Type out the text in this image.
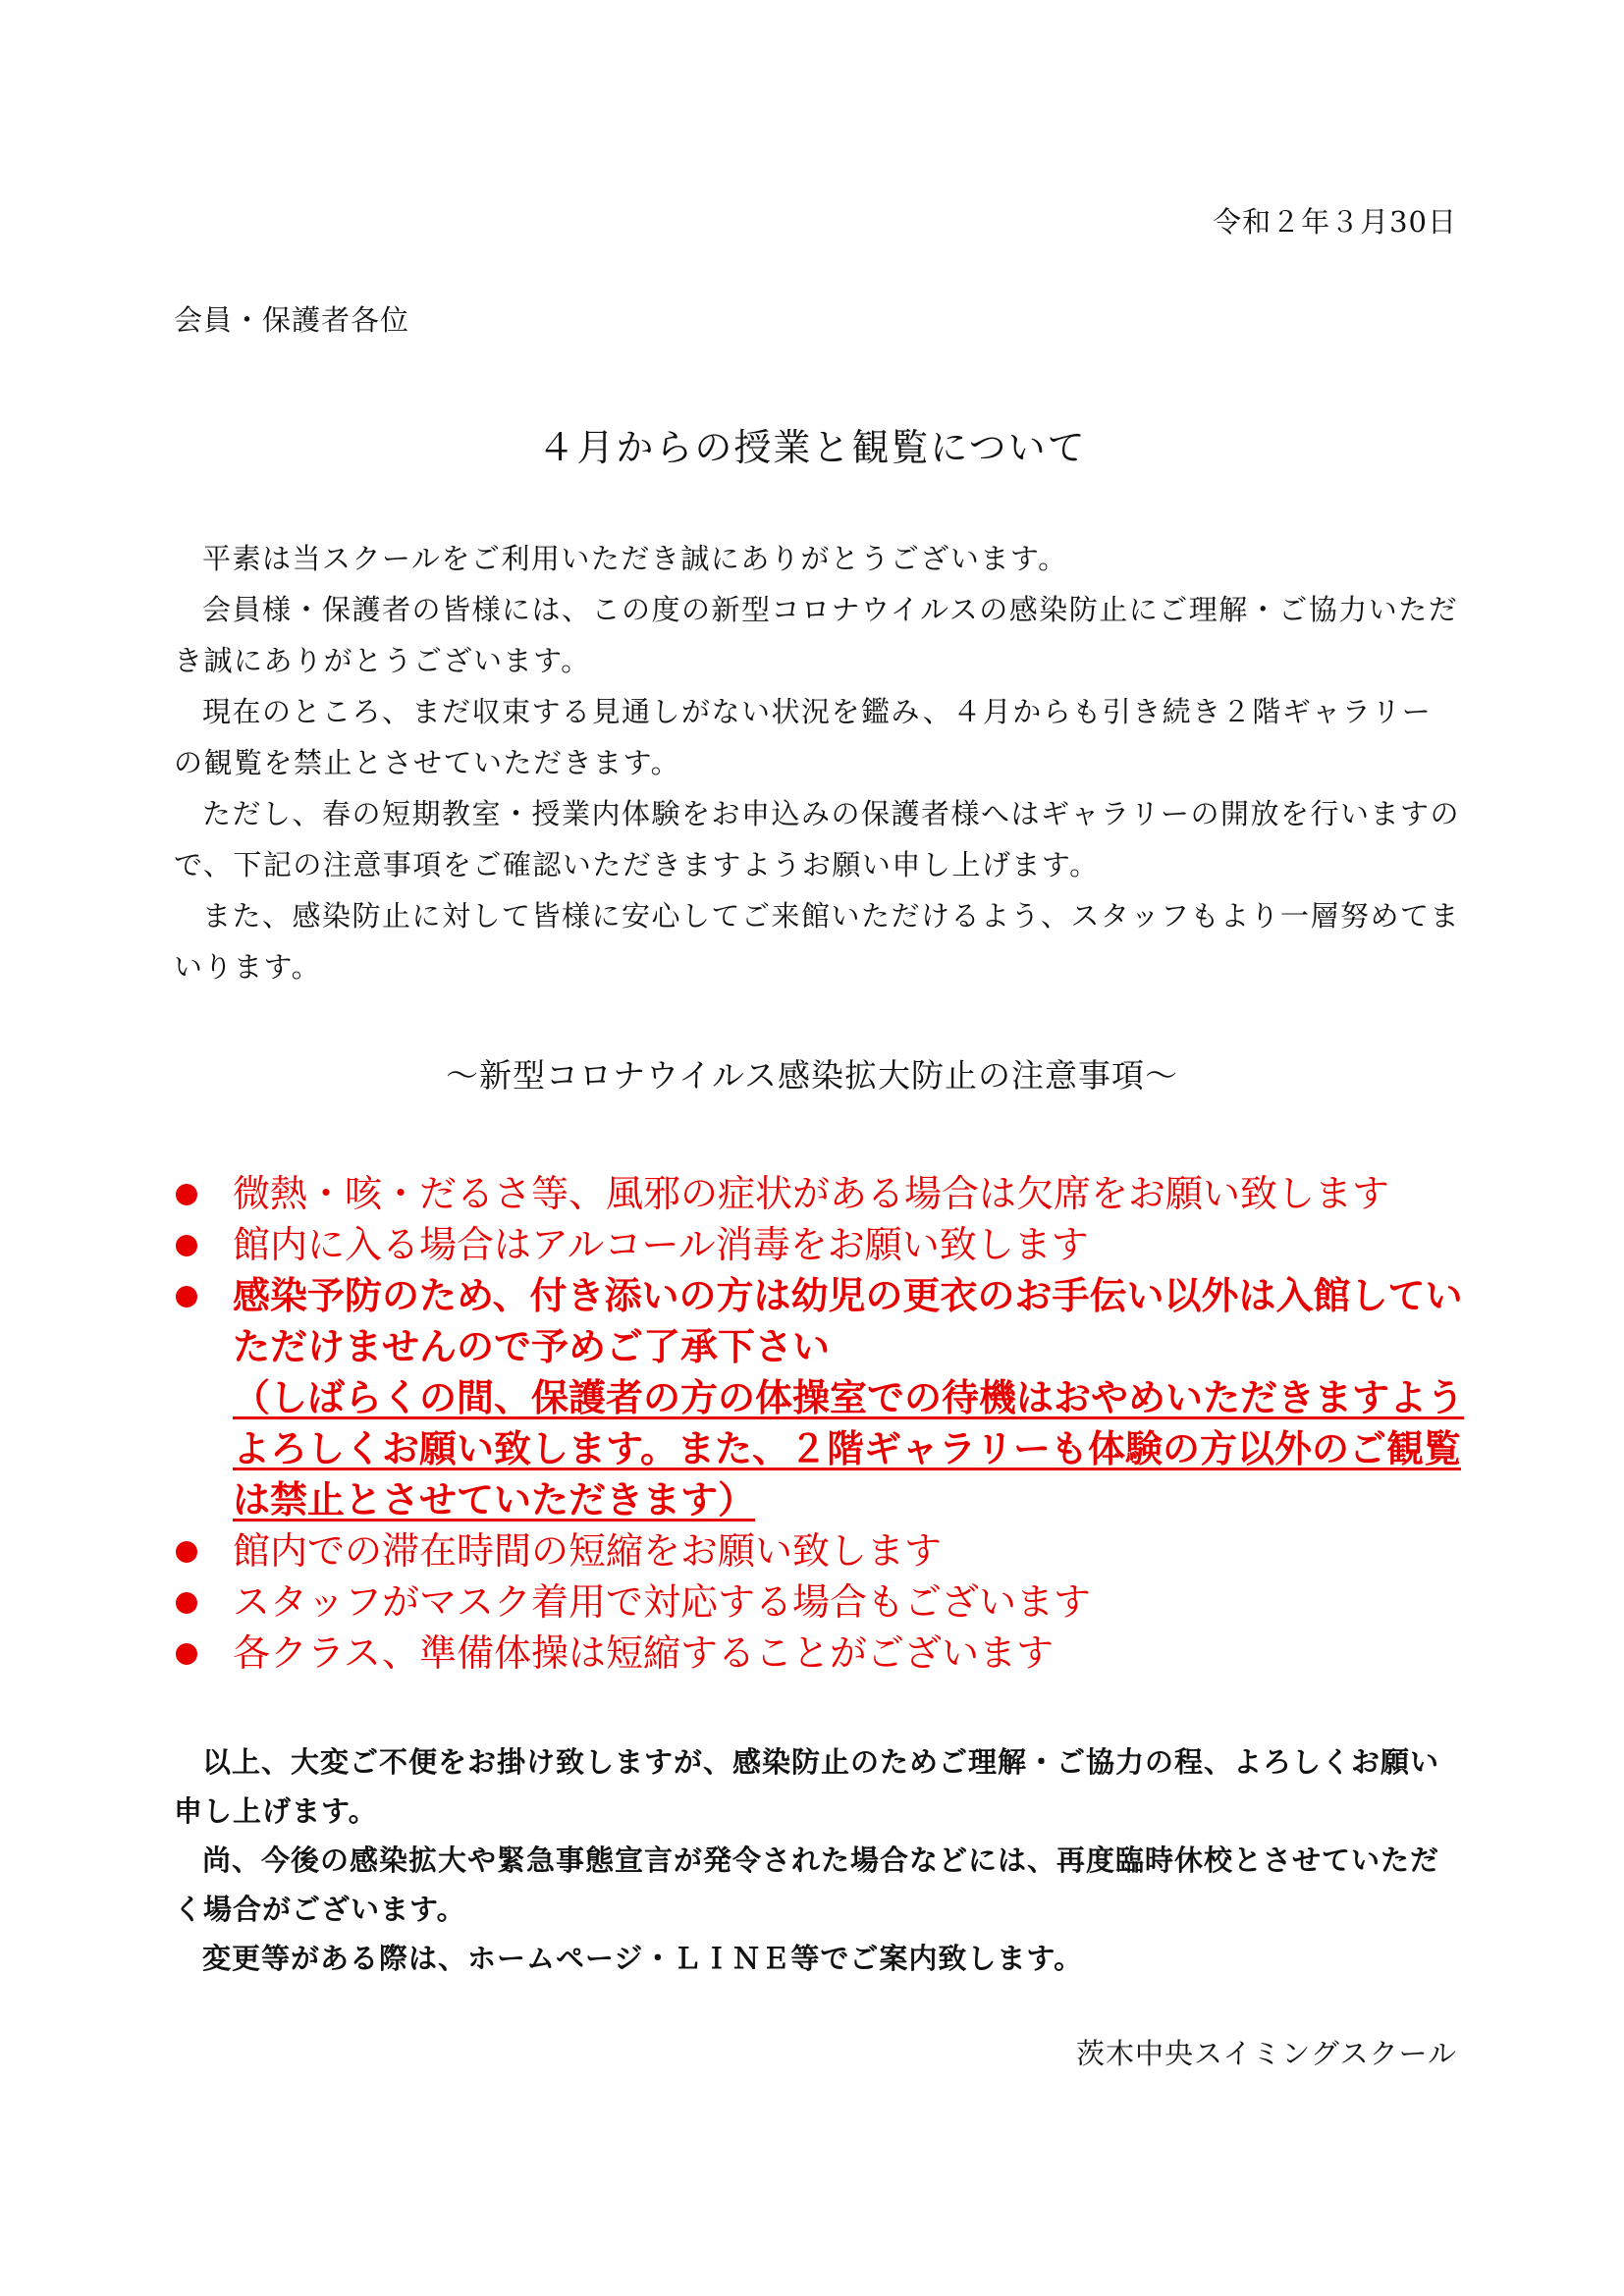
令和２年３月30日
会員・保護者各位
４月からの授業と観覧について

平素は当スクールをご利用いただき誠にありがとうございます。

会員様・保護者の皆様には、この度の新型コロナウイルスの感染防止にご理解・ご協力いただき誠にありがとうございます。

現在のところ、まだ収束する見通しがない状況を鑑み、４月からも引き続き２階ギャラリーの観覧を禁止とさせていただきます。

ただし、春の短期教室・授業内体験をお申込みの保護者様へはギャラリーの開放を行いますので、下記の注意事項をご確認いただきますようお願い申し上げます。

また、感染防止に対して皆様に安心してご来館いただけるよう、スタッフもより一層努めてまいります。

～新型コロナウイルス感染拡大防止の注意事項～
微熱・咳・だるさ等、風邪の症状がある場合は欠席をお願い致します
館内に入る場合はアルコール消毒をお願い致します
感染予防のため、付き添いの方は幼児の更衣のお手伝い以外は入館していただけませんので予めご了承下さい
（しばらくの間、保護者の方の体操室での待機はおやめいただきますようよろしくお願い致します。また、２階ギャラリーも体験の方以外のご観覧は禁止とさせていただきます）
館内での滞在時間の短縮をお願い致します
スタッフがマスク着用で対応する場合もございます
各クラス、準備体操は短縮することがございます

以上、大変ご不便をお掛け致しますが、感染防止のためご理解・ご協力の程、よろしくお願い申し上げます。

尚、今後の感染拡大や緊急事態宣言が発令された場合などには、再度臨時休校とさせていただく場合がございます。

変更等がある際は、ホームページ・ＬＩＮＥ等でご案内致します。

茨木中央スイミングスクール
